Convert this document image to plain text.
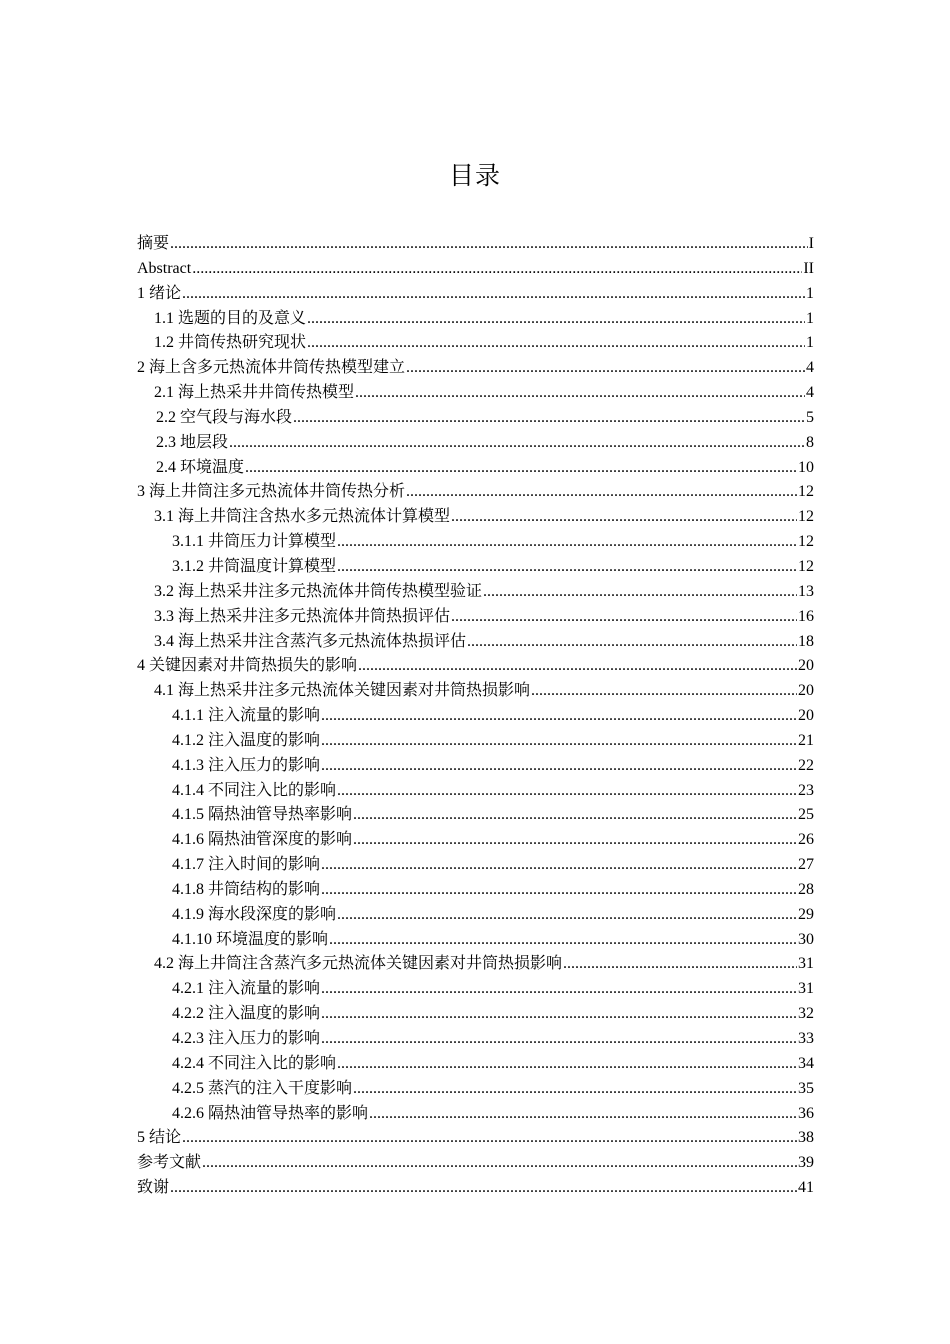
目录
摘要 .....	I
Abstract .....	II
1 绪论 .....	1
1.1 选题的目的及意义 .....	1
1.2 井筒传热研究现状 .....	1
2 海上含多元热流体井筒传热模型建立 .....	4
2.1 海上热采井井筒传热模型 .....	4
2.2 空气段与海水段 .....	5
2.3 地层段 .....	8
2.4 环境温度 .....	10
3 海上井筒注多元热流体井筒传热分析 .....	12
3.1 海上井筒注含热水多元热流体计算模型 .....	12
3.1.1 井筒压力计算模型 .....	12
3.1.2 井筒温度计算模型 .....	12
3.2 海上热采井注多元热流体井筒传热模型验证 .....	13
3.3 海上热采井注多元热流体井筒热损评估 .....	16
3.4 海上热采井注含蒸汽多元热流体热损评估 .....	18
4 关键因素对井筒热损失的影响 .....	20
4.1 海上热采井注多元热流体关键因素对井筒热损影响 .....	20
4.1.1 注入流量的影响 .....	20
4.1.2 注入温度的影响 .....	21
4.1.3 注入压力的影响 .....	22
4.1.4 不同注入比的影响 .....	23
4.1.5 隔热油管导热率影响 .....	25
4.1.6 隔热油管深度的影响 .....	26
4.1.7 注入时间的影响 .....	27
4.1.8 井筒结构的影响 .....	28
4.1.9 海水段深度的影响 .....	29
4.1.10 环境温度的影响 .....	30
4.2 海上井筒注含蒸汽多元热流体关键因素对井筒热损影响 .....	31
4.2.1 注入流量的影响 .....	31
4.2.2 注入温度的影响 .....	32
4.2.3 注入压力的影响 .....	33
4.2.4 不同注入比的影响 .....	34
4.2.5 蒸汽的注入干度影响 .....	35
4.2.6 隔热油管导热率的影响 .....	36
5 结论 .....	38
参考文献 .....	39
致谢 .....	41
